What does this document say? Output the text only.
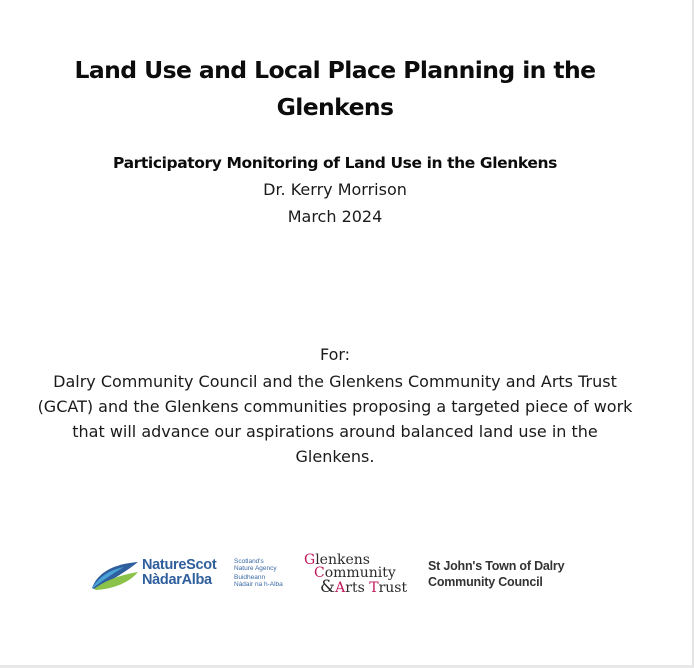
Land Use and Local Place Planning in the
Glenkens
Participatory Monitoring of Land Use in the Glenkens
Dr. Kerry Morrison
March 2024
For:
Dalry Community Council and the Glenkens Community and Arts Trust
(GCAT) and the Glenkens communities proposing a targeted piece of work
that will advance our aspirations around balanced land use in the
Glenkens.
NatureScot
NàdarAlba
Scotland's
Nature Agency
Buidheann
Nàdair na h-Alba
Glenkens
Community
&Arts Trust
St John's Town of Dalry
Community Council
